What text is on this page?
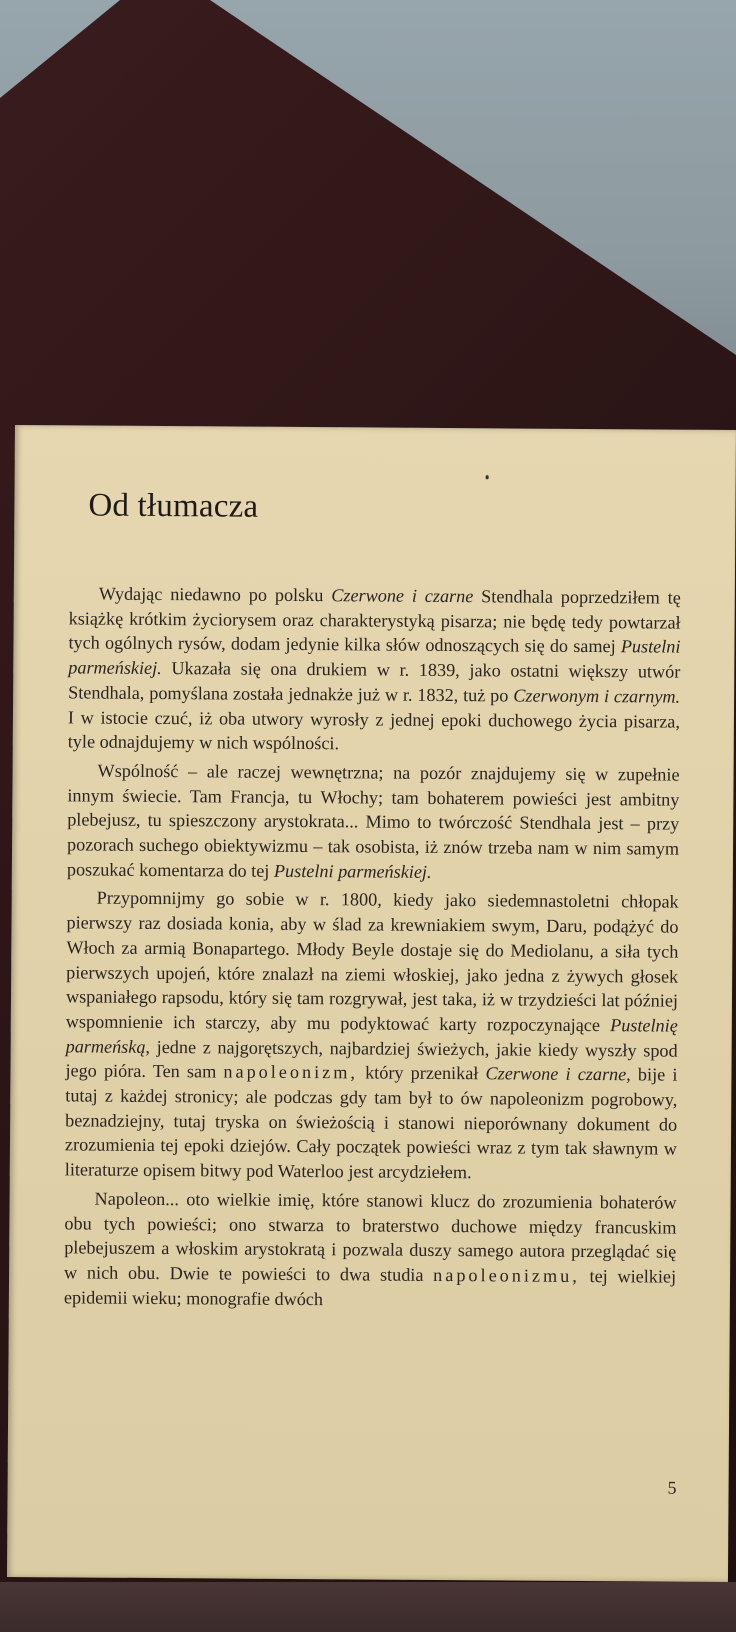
Od tłumacza

Wydając niedawno po polsku Czerwone i czarne Stendhala poprzedziłem tę książkę krótkim życiorysem oraz charakterystyką pisarza; nie będę tedy powtarzał tych ogólnych rysów, dodam jedynie kilka słów odnoszących się do samej Pustelni parmeńskiej. Ukazała się ona drukiem w r. 1839, jako ostatni większy utwór Stendhala, pomyślana została jednakże już w r. 1832, tuż po Czerwonym i czarnym. I w istocie czuć, iż oba utwory wyrosły z jednej epoki duchowego życia pisarza, tyle odnajdujemy w nich wspólności.

Wspólność – ale raczej wewnętrzna; na pozór znajdujemy się w zupełnie innym świecie. Tam Francja, tu Włochy; tam bohaterem powieści jest ambitny plebejusz, tu spieszczony arystokrata... Mimo to twórczość Stendhala jest – przy pozorach suchego obiektywizmu – tak osobista, iż znów trzeba nam w nim samym poszukać komentarza do tej Pustelni parmeńskiej.

Przypomnijmy go sobie w r. 1800, kiedy jako siedemnastoletni chłopak pierwszy raz dosiada konia, aby w ślad za krewniakiem swym, Daru, podążyć do Włoch za armią Bonapartego. Młody Beyle dostaje się do Mediolanu, a siła tych pierwszych upojeń, które znalazł na ziemi włoskiej, jako jedna z żywych głosek wspaniałego rapsodu, który się tam rozgrywał, jest taka, iż w trzydzieści lat później wspomnienie ich starczy, aby mu podyktować karty rozpoczynające Pustelnię parmeńską, jedne z najgorętszych, najbardziej świeżych, jakie kiedy wyszły spod jego pióra. Ten sam napoleonizm, który przenikał Czerwone i czarne, bije i tutaj z każdej stronicy; ale podczas gdy tam był to ów napoleonizm pogrobowy, beznadziejny, tutaj tryska on świeżością i stanowi nieporównany dokument do zrozumienia tej epoki dziejów. Cały początek powieści wraz z tym tak sławnym w literaturze opisem bitwy pod Waterloo jest arcydziełem.

Napoleon... oto wielkie imię, które stanowi klucz do zrozumienia bohaterów obu tych powieści; ono stwarza to braterstwo duchowe między francuskim plebejuszem a włoskim arystokratą i pozwala duszy samego autora przeglądać się w nich obu. Dwie te powieści to dwa studia napoleonizmu, tej wielkiej epidemii wieku; monografie dwóch

5
